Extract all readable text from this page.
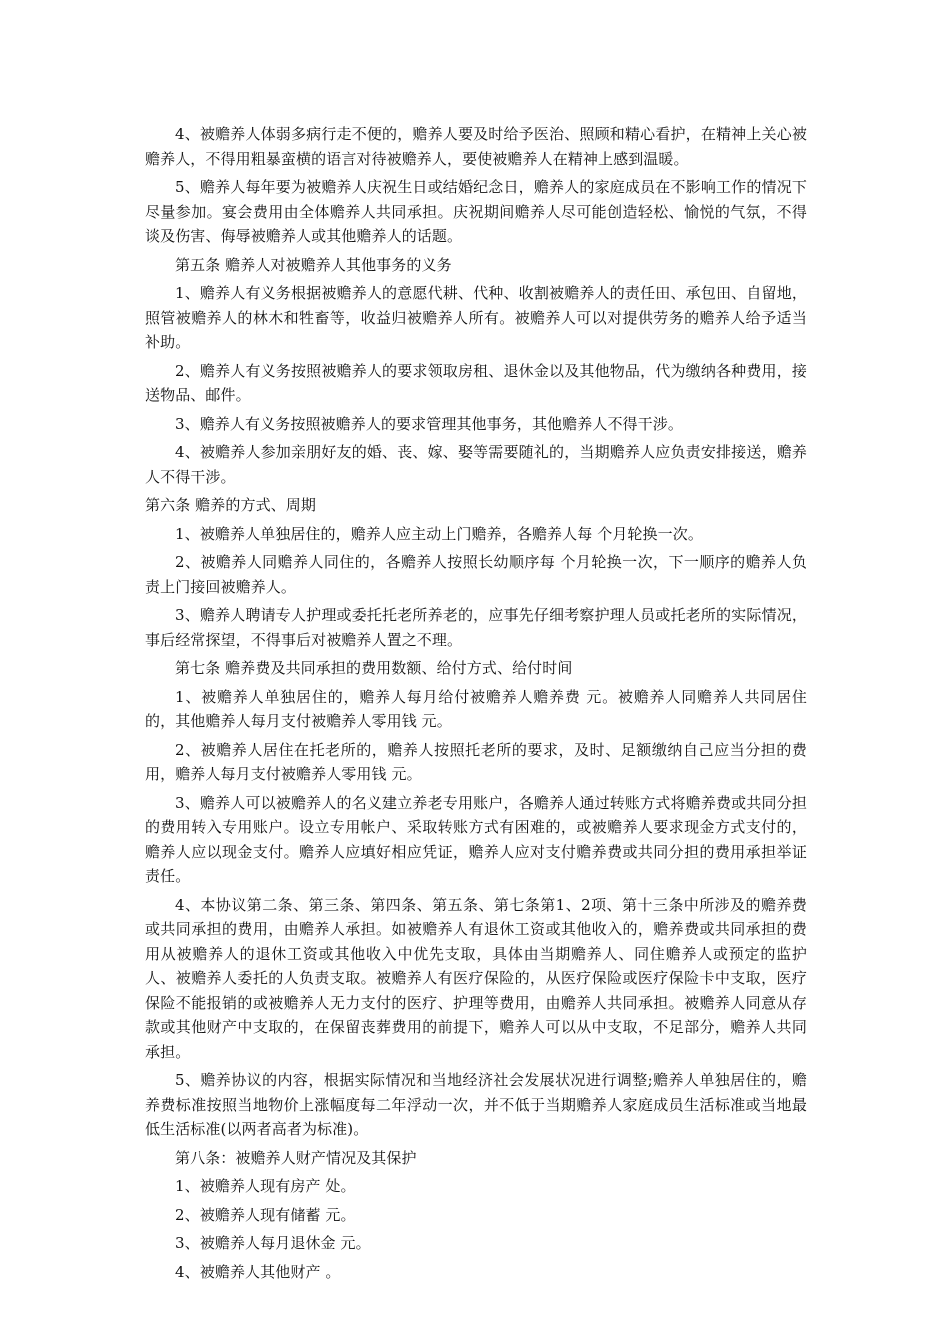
4、被赡养人体弱多病行走不便的，赡养人要及时给予医治、照顾和精心看护，在精神上关心被赡养人，不得用粗暴蛮横的语言对待被赡养人，要使被赡养人在精神上感到温暖。

5、赡养人每年要为被赡养人庆祝生日或结婚纪念日，赡养人的家庭成员在不影响工作的情况下尽量参加。宴会费用由全体赡养人共同承担。庆祝期间赡养人尽可能创造轻松、愉悦的气氛，不得谈及伤害、侮辱被赡养人或其他赡养人的话题。

第五条 赡养人对被赡养人其他事务的义务

1、赡养人有义务根据被赡养人的意愿代耕、代种、收割被赡养人的责任田、承包田、自留地，照管被赡养人的林木和牲畜等，收益归被赡养人所有。被赡养人可以对提供劳务的赡养人给予适当补助。

2、赡养人有义务按照被赡养人的要求领取房租、退休金以及其他物品，代为缴纳各种费用，接送物品、邮件。

3、赡养人有义务按照被赡养人的要求管理其他事务，其他赡养人不得干涉。

4、被赡养人参加亲朋好友的婚、丧、嫁、娶等需要随礼的，当期赡养人应负责安排接送，赡养人不得干涉。

第六条 赡养的方式、周期

1、被赡养人单独居住的，赡养人应主动上门赡养，各赡养人每 个月轮换一次。

2、被赡养人同赡养人同住的，各赡养人按照长幼顺序每 个月轮换一次，下一顺序的赡养人负责上门接回被赡养人。

3、赡养人聘请专人护理或委托托老所养老的，应事先仔细考察护理人员或托老所的实际情况，事后经常探望，不得事后对被赡养人置之不理。

第七条 赡养费及共同承担的费用数额、给付方式、给付时间

1、被赡养人单独居住的，赡养人每月给付被赡养人赡养费 元。被赡养人同赡养人共同居住的，其他赡养人每月支付被赡养人零用钱 元。

2、被赡养人居住在托老所的，赡养人按照托老所的要求，及时、足额缴纳自己应当分担的费用，赡养人每月支付被赡养人零用钱 元。

3、赡养人可以被赡养人的名义建立养老专用账户，各赡养人通过转账方式将赡养费或共同分担的费用转入专用账户。设立专用帐户、采取转账方式有困难的，或被赡养人要求现金方式支付的，赡养人应以现金支付。赡养人应填好相应凭证，赡养人应对支付赡养费或共同分担的费用承担举证责任。

4、本协议第二条、第三条、第四条、第五条、第七条第1、2项、第十三条中所涉及的赡养费或共同承担的费用，由赡养人承担。如被赡养人有退休工资或其他收入的，赡养费或共同承担的费用从被赡养人的退休工资或其他收入中优先支取，具体由当期赡养人、同住赡养人或预定的监护人、被赡养人委托的人负责支取。被赡养人有医疗保险的，从医疗保险或医疗保险卡中支取，医疗保险不能报销的或被赡养人无力支付的医疗、护理等费用，由赡养人共同承担。被赡养人同意从存款或其他财产中支取的，在保留丧葬费用的前提下，赡养人可以从中支取，不足部分，赡养人共同承担。

5、赡养协议的内容，根据实际情况和当地经济社会发展状况进行调整;赡养人单独居住的，赡养费标准按照当地物价上涨幅度每二年浮动一次，并不低于当期赡养人家庭成员生活标准或当地最低生活标准(以两者高者为标准)。

第八条：被赡养人财产情况及其保护

1、被赡养人现有房产 处。

2、被赡养人现有储蓄 元。

3、被赡养人每月退休金 元。

4、被赡养人其他财产 。
